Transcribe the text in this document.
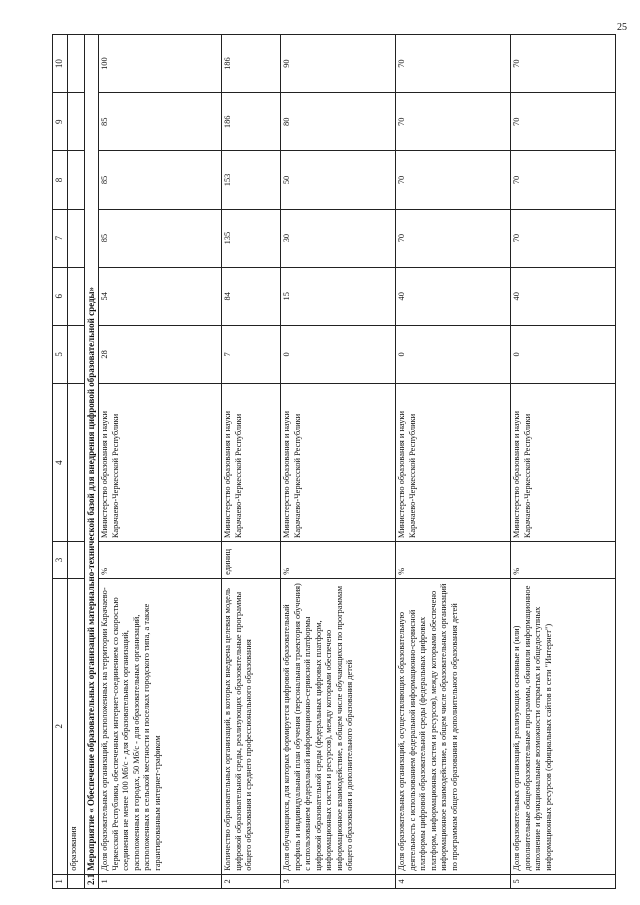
25
1	2	3	4	5	6	7	8	9	10
	образования								
2.1	Мероприятие « Обеспечение образовательных организаций материально-технической базой для внедрения цифровой образовательной среды»								
1	Доля образовательных организаций, расположенных на территории Карачаево-Черкесской Республики, обеспеченных интернет-соединением со скоростью соединения не менее 100 Мб/с - для образовательных организаций, расположенных в городах, 50 Мб/с - для образовательных организаций, расположенных в сельской местности и поселках городского типа, а также гарантированным интернет-трафиком	%	Министерство образования и науки Карачаево-Черкесской Республики	28	54	85	85	85	100
2	Количество образовательных организаций, в которых внедрена целевая модель цифровой образовательной среды, реализующих образовательные программы общего образования и среднего профессионального образования	единиц	Министерство образования и науки Карачаево-Черкесской Республики	7	84	135	153	186	186
3	Доля обучающихся, для которых формируется цифровой образовательный профиль и индивидуальный план обучения (персональная траектория обучения) с использованием федеральной информационно-сервисной платформы цифровой образовательной среды (федеральных цифровых платформ, информационных систем и ресурсов), между которыми обеспечено информационное взаимодействие, в общем числе обучающихся по программам общего образования и дополнительного образования детей	%	Министерство образования и науки Карачаево-Черкесской Республики	0	15	30	50	80	90
4	Доля образовательных организаций, осуществляющих образовательную деятельность с использованием федеральной информационно-сервисной платформы цифровой образовательной среды (федеральных цифровых платформ, информационных систем и ресурсов), между которыми обеспечено информационное взаимодействие, в общем числе образовательных организаций по программам общего образования и дополнительного образования детей	%	Министерство образования и науки Карачаево-Черкесской Республики	0	40	70	70	70	70
5	Доля образовательных организаций, реализующих основные и (или) дополнительные общеобразовательные программы, обновили информационное наполнение и функциональные возможности открытых и общедоступных информационных ресурсов (официальных сайтов в сети "Интернет")	%	Министерство образования и науки Карачаево-Черкесской Республики	0	40	70	70	70	70
